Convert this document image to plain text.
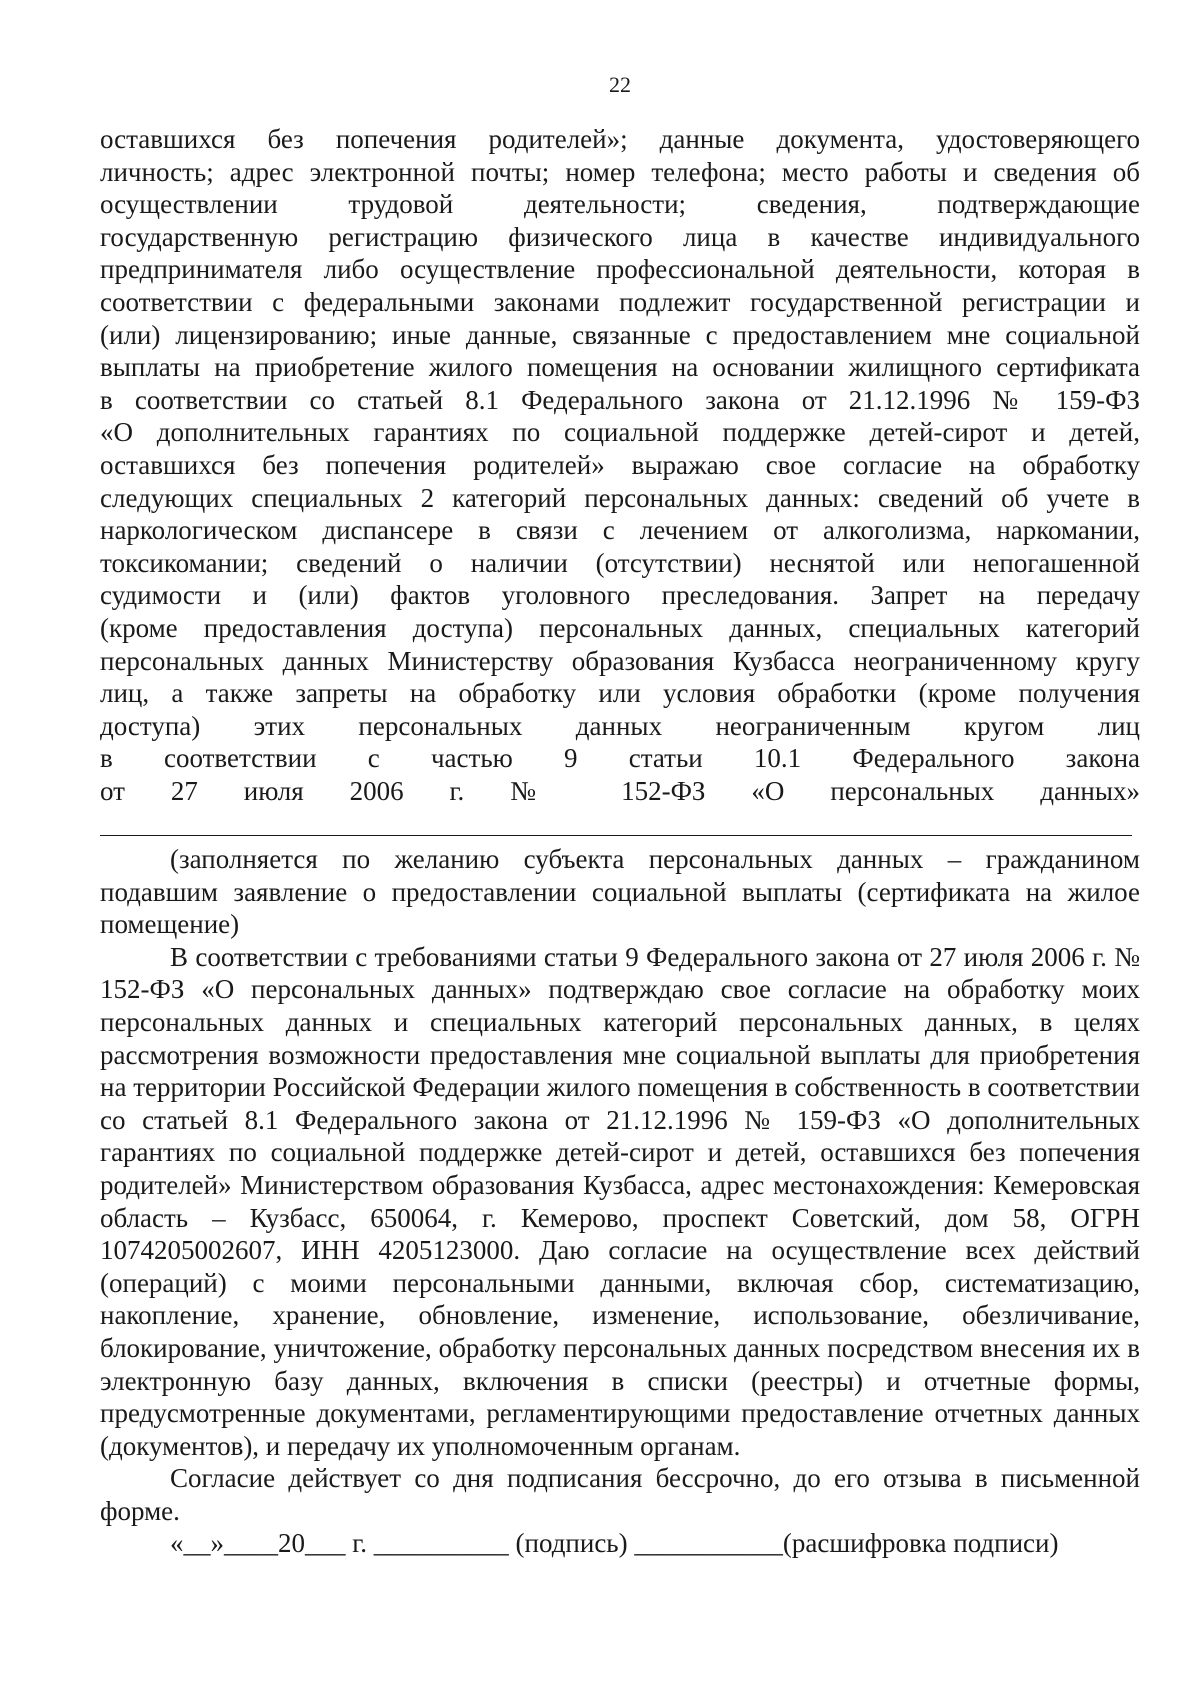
22
оставшихся без попечения родителей»; данные документа, удостоверяющего
личность; адрес электронной почты; номер телефона; место работы и сведения об
осуществлении трудовой деятельности; сведения, подтверждающие
государственную регистрацию физического лица в качестве индивидуального
предпринимателя либо осуществление профессиональной деятельности, которая в
соответствии с федеральными законами подлежит государственной регистрации и
(или) лицензированию; иные данные, связанные с предоставлением мне социальной
выплаты на приобретение жилого помещения на основании жилищного сертификата
в соответствии со статьей 8.1 Федерального закона от 21.12.1996 № 159-ФЗ
«О дополнительных гарантиях по социальной поддержке детей-сирот и детей,
оставшихся без попечения родителей» выражаю свое согласие на обработку
следующих специальных 2 категорий персональных данных: сведений об учете в
наркологическом диспансере в связи с лечением от алкоголизма, наркомании,
токсикомании; сведений о наличии (отсутствии) неснятой или непогашенной
судимости и (или) фактов уголовного преследования. Запрет на передачу
(кроме предоставления доступа) персональных данных, специальных категорий
персональных данных Министерству образования Кузбасса неограниченному кругу
лиц, а также запреты на обработку или условия обработки (кроме получения
доступа) этих персональных данных неограниченным кругом лиц
в соответствии с частью 9 статьи 10.1 Федерального закона
от 27 июля 2006 г. № 152-ФЗ «О персональных данных»

(заполняется по желанию субъекта персональных данных – гражданином подавшим заявление о предоставлении социальной выплаты (сертификата на жилое помещение)

В соответствии с требованиями статьи 9 Федерального закона от 27 июля 2006 г. № 152-ФЗ «О персональных данных» подтверждаю свое согласие на обработку моих персональных данных и специальных категорий персональных данных, в целях рассмотрения возможности предоставления мне социальной выплаты для приобретения на территории Российской Федерации жилого помещения в собственность в соответствии со статьей 8.1 Федерального закона от 21.12.1996 № 159-ФЗ «О дополнительных гарантиях по социальной поддержке детей-сирот и детей, оставшихся без попечения родителей» Министерством образования Кузбасса, адрес местонахождения: Кемеровская область – Кузбасс, 650064, г. Кемерово, проспект Советский, дом 58, ОГРН 1074205002607, ИНН 4205123000. Даю согласие на осуществление всех действий (операций) с моими персональными данными, включая сбор, систематизацию, накопление, хранение, обновление, изменение, использование, обезличивание, блокирование, уничтожение, обработку персональных данных посредством внесения их в электронную базу данных, включения в списки (реестры) и отчетные формы, предусмотренные документами, регламентирующими предоставление отчетных данных (документов), и передачу их уполномоченным органам.

Согласие действует со дня подписания бессрочно, до его отзыва в письменной форме.

«__»____20___ г. __________ (подпись) ___________(расшифровка подписи)
